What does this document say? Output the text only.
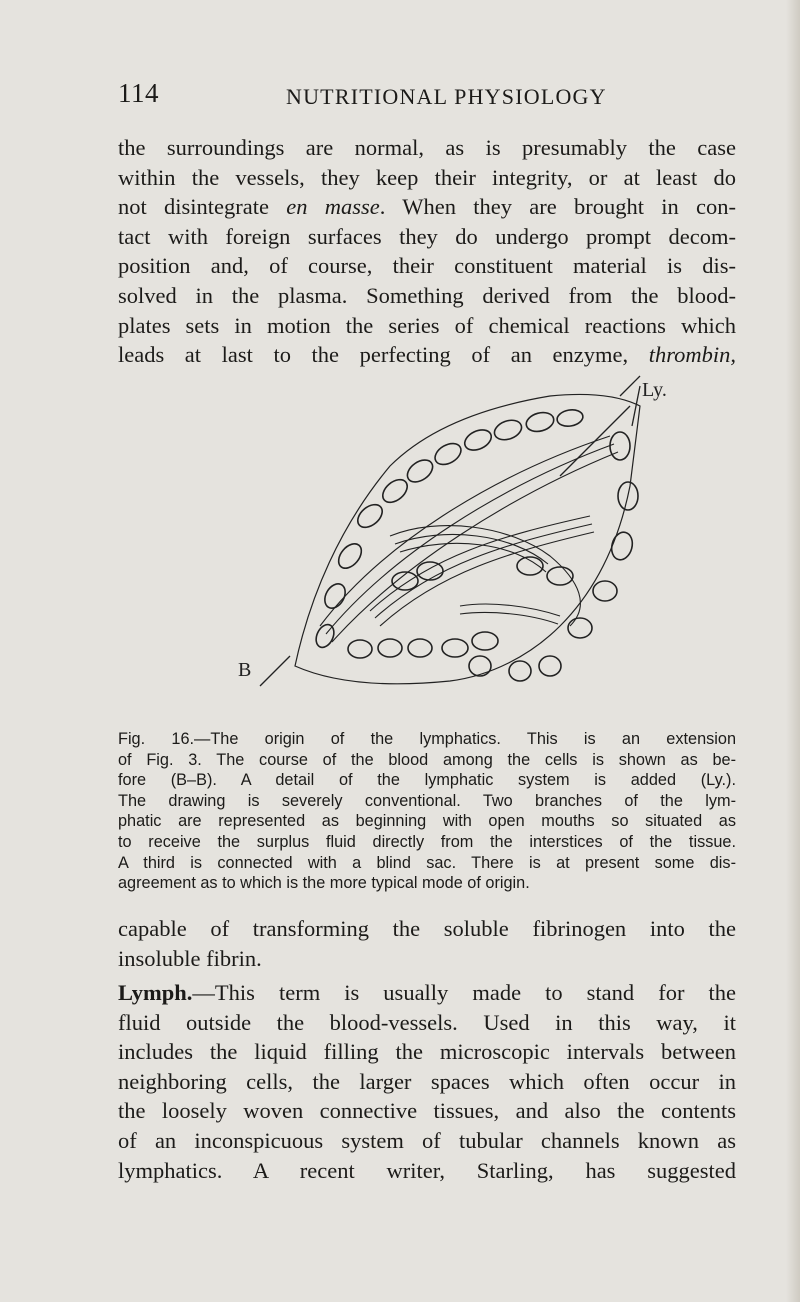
114	NUTRITIONAL PHYSIOLOGY
the surroundings are normal, as is presumably the case
within the vessels, they keep their integrity, or at least do
not disintegrate en masse. When they are brought in con-
tact with foreign surfaces they do undergo prompt decom-
position and, of course, their constituent material is dis-
solved in the plasma. Something derived from the blood-
plates sets in motion the series of chemical reactions which
leads at last to the perfecting of an enzyme, thrombin,
Ly.
B
Fig. 16.—The origin of the lymphatics. This is an extension
of Fig. 3. The course of the blood among the cells is shown as be-
fore (B–B). A detail of the lymphatic system is added (Ly.).
The drawing is severely conventional. Two branches of the lym-
phatic are represented as beginning with open mouths so situated as
to receive the surplus fluid directly from the interstices of the tissue.
A third is connected with a blind sac. There is at present some dis-
agreement as to which is the more typical mode of origin.
capable of transforming the soluble fibrinogen into the
insoluble fibrin.
Lymph.—This term is usually made to stand for the
fluid outside the blood-vessels. Used in this way, it
includes the liquid filling the microscopic intervals between
neighboring cells, the larger spaces which often occur in
the loosely woven connective tissues, and also the contents
of an inconspicuous system of tubular channels known as
lymphatics. A recent writer, Starling, has suggested
